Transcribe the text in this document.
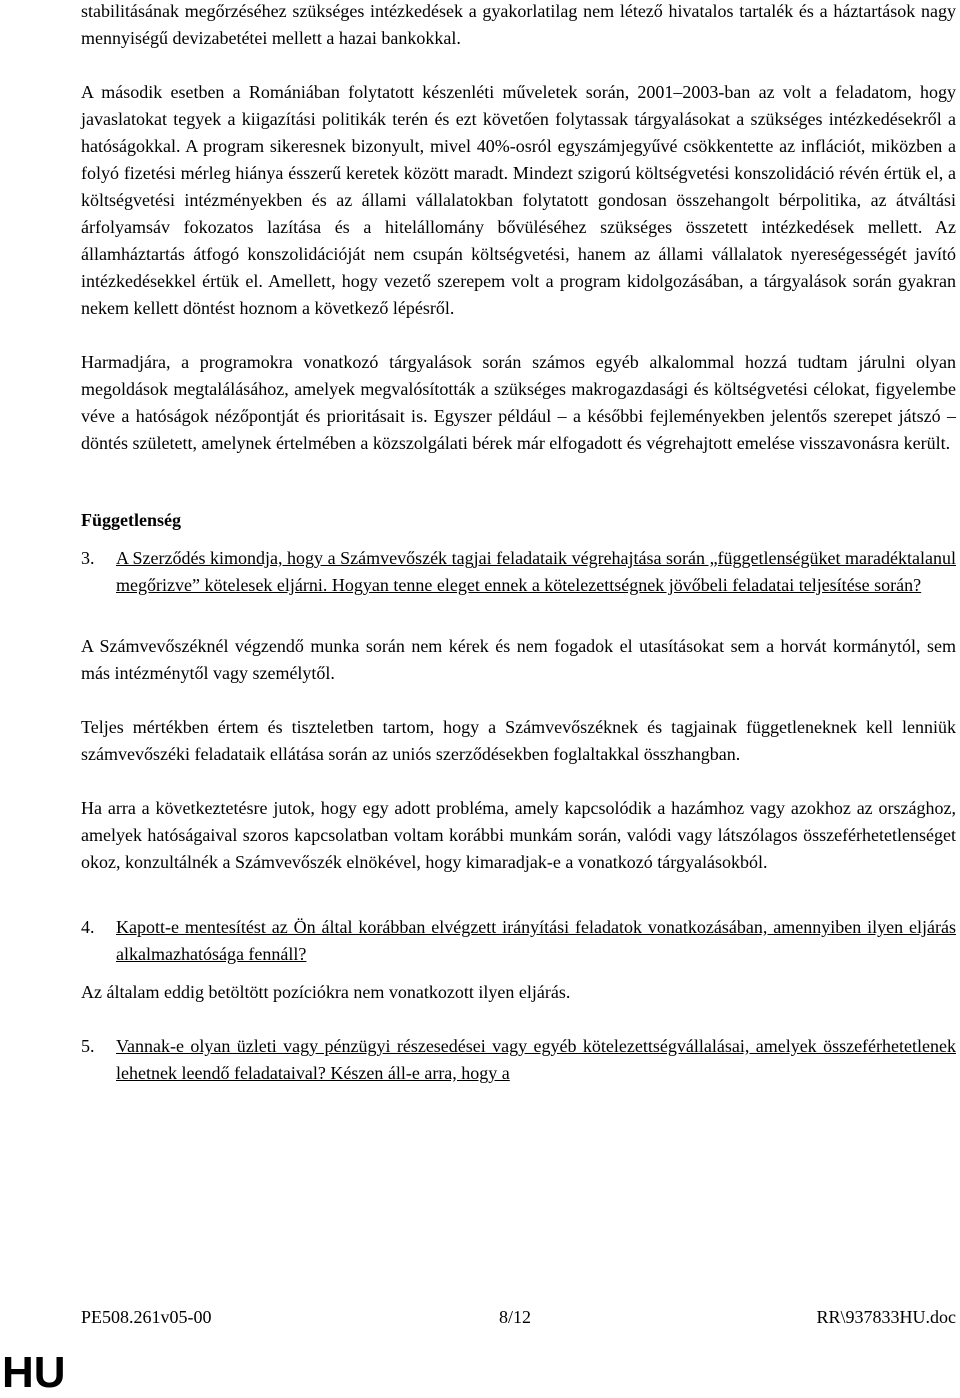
stabilitásának megőrzéséhez szükséges intézkedések a gyakorlatilag nem létező hivatalos tartalék és a háztartások nagy mennyiségű devizabetétei mellett a hazai bankokkal.

A második esetben a Romániában folytatott készenléti műveletek során, 2001–2003-ban az volt a feladatom, hogy javaslatokat tegyek a kiigazítási politikák terén és ezt követően folytassak tárgyalásokat a szükséges intézkedésekről a hatóságokkal. A program sikeresnek bizonyult, mivel 40%-osról egyszámjegyűvé csökkentette az inflációt, miközben a folyó fizetési mérleg hiánya ésszerű keretek között maradt. Mindezt szigorú költségvetési konszolidáció révén értük el, a költségvetési intézményekben és az állami vállalatokban folytatott gondosan összehangolt bérpolitika, az átváltási árfolyamsáv fokozatos lazítása és a hitelállomány bővüléséhez szükséges összetett intézkedések mellett. Az államháztartás átfogó konszolidációját nem csupán költségvetési, hanem az állami vállalatok nyereségességét javító intézkedésekkel értük el. Amellett, hogy vezető szerepem volt a program kidolgozásában, a tárgyalások során gyakran nekem kellett döntést hoznom a következő lépésről.

Harmadjára, a programokra vonatkozó tárgyalások során számos egyéb alkalommal hozzá tudtam járulni olyan megoldások megtalálásához, amelyek megvalósították a szükséges makrogazdasági és költségvetési célokat, figyelembe véve a hatóságok nézőpontját és prioritásait is. Egyszer például – a későbbi fejleményekben jelentős szerepet játszó – döntés született, amelynek értelmében a közszolgálati bérek már elfogadott és végrehajtott emelése visszavonásra került.

Függetlenség
3.	A Szerződés kimondja, hogy a Számvevőszék tagjai feladataik végrehajtása során „függetlenségüket maradéktalanul megőrizve” kötelesek eljárni. Hogyan tenne eleget ennek a kötelezettségnek jövőbeli feladatai teljesítése során?

A Számvevőszéknél végzendő munka során nem kérek és nem fogadok el utasításokat sem a horvát kormánytól, sem más intézménytől vagy személytől.

Teljes mértékben értem és tiszteletben tartom, hogy a Számvevőszéknek és tagjainak függetleneknek kell lenniük számvevőszéki feladataik ellátása során az uniós szerződésekben foglaltakkal összhangban.

Ha arra a következtetésre jutok, hogy egy adott probléma, amely kapcsolódik a hazámhoz vagy azokhoz az országhoz, amelyek hatóságaival szoros kapcsolatban voltam korábbi munkám során, valódi vagy látszólagos összeférhetetlenséget okoz, konzultálnék a Számvevőszék elnökével, hogy kimaradjak-e a vonatkozó tárgyalásokból.

4.	Kapott-e mentesítést az Ön által korábban elvégzett irányítási feladatok vonatkozásában, amennyiben ilyen eljárás alkalmazhatósága fennáll?

Az általam eddig betöltött pozíciókra nem vonatkozott ilyen eljárás.

5.	Vannak-e olyan üzleti vagy pénzügyi részesedései vagy egyéb kötelezettségvállalásai, amelyek összeférhetetlenek lehetnek leendő feladataival? Készen áll-e arra, hogy a
PE508.261v05-00	8/12	RR\937833HU.doc
HU
